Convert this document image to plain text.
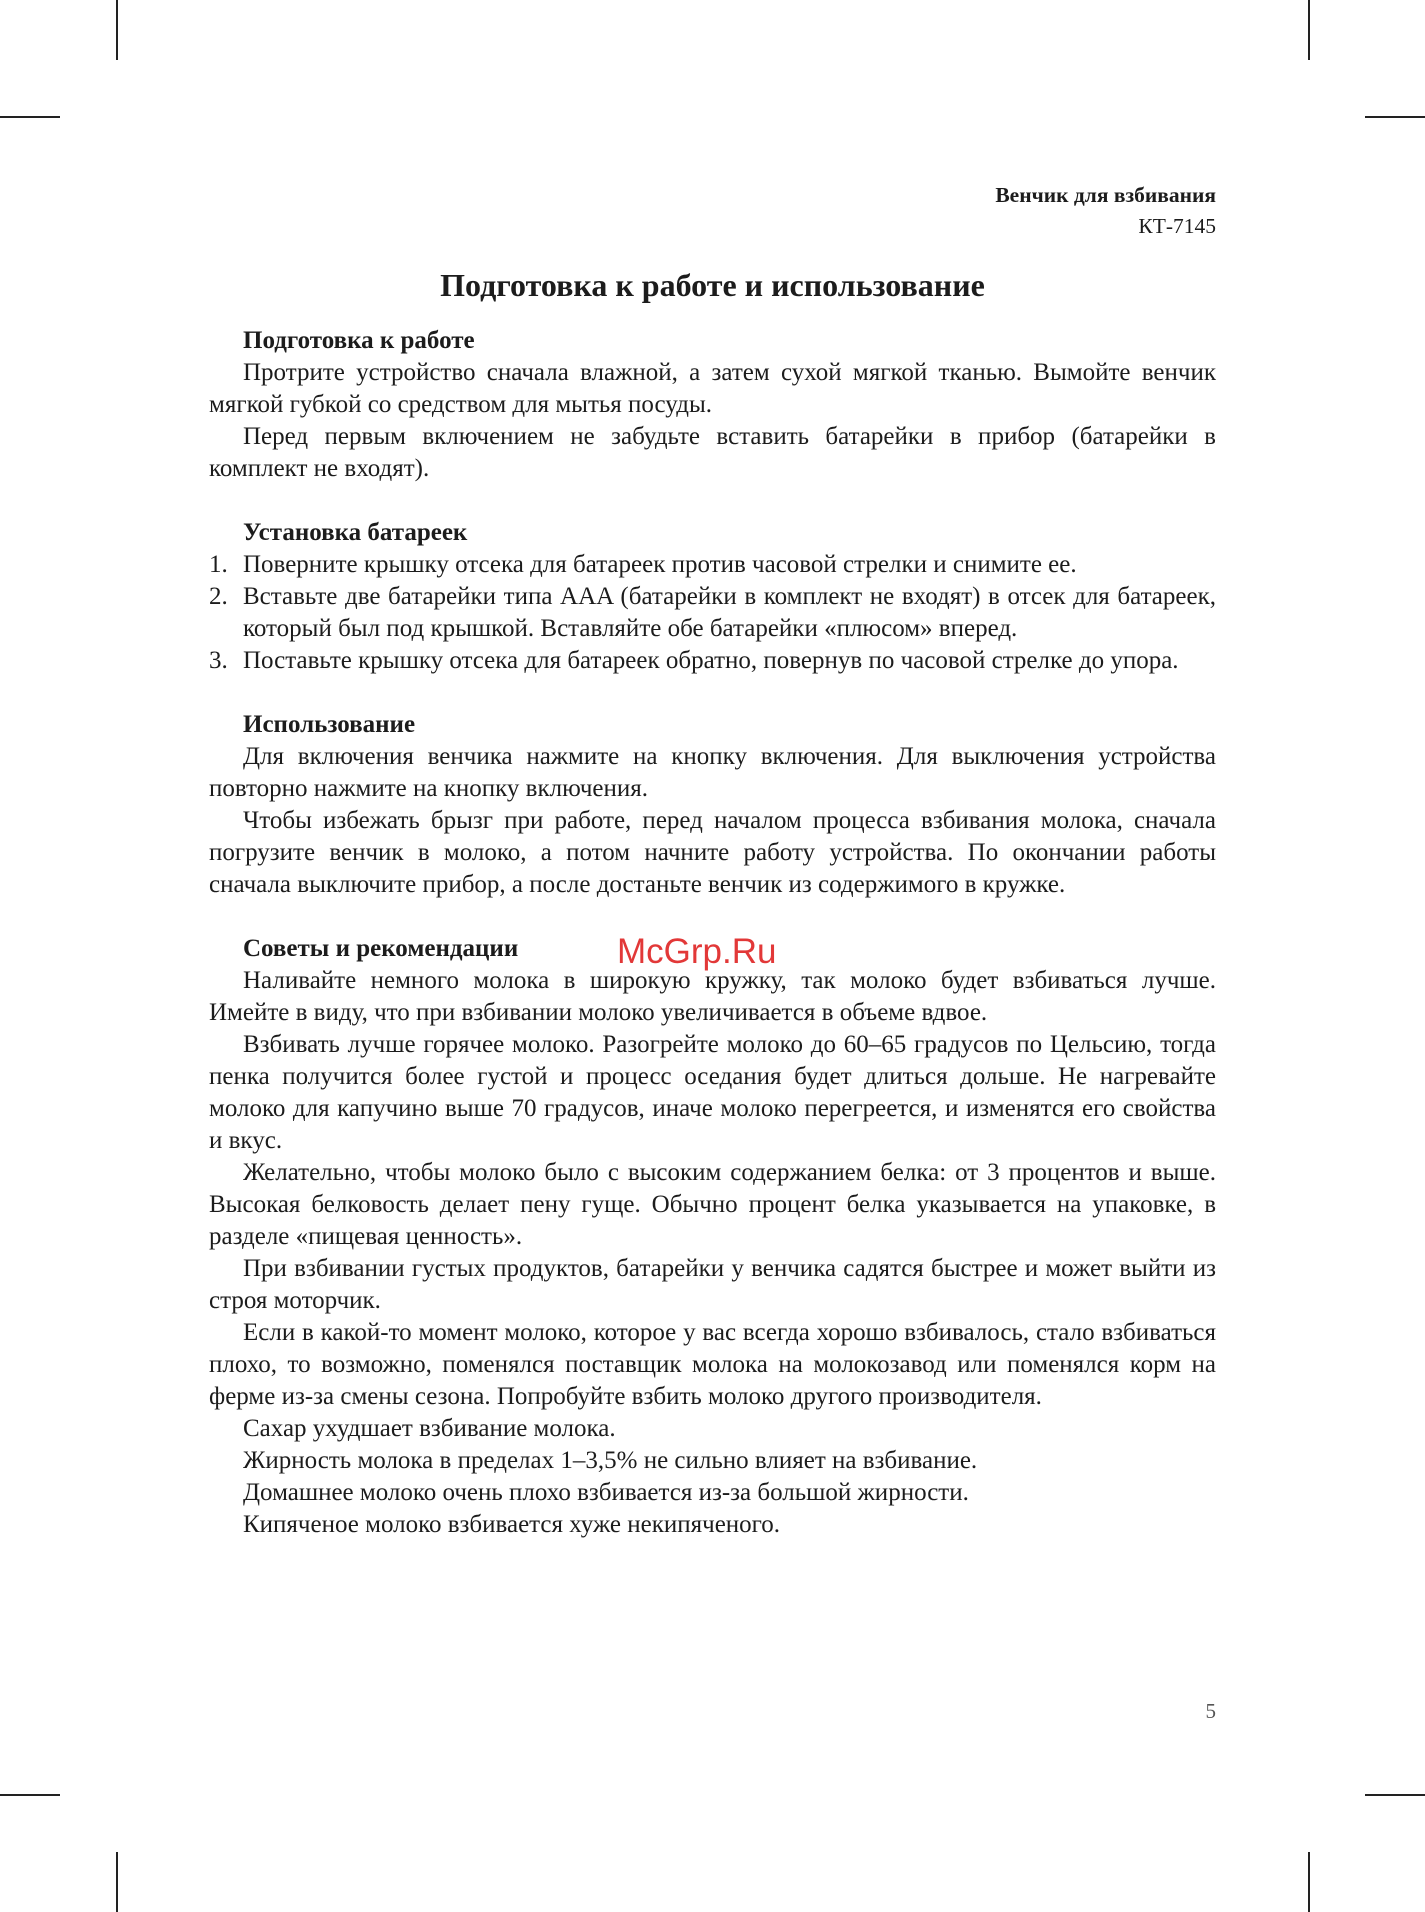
Венчик для взбивания
КТ-7145
Подготовка к работе и использование
Подготовка к работе

Протрите устройство сначала влажной, а затем сухой мягкой тканью. Вымойте венчик мягкой губкой со средством для мытья посуды.

Перед первым включением не забудьте вставить батарейки в прибор (батарейки в комплект не входят).

Установка батареек
1. Поверните крышку отсека для батареек против часовой стрелки и снимите ее.
2. Вставьте две батарейки типа AAA (батарейки в комплект не входят) в отсек для батареек, который был под крышкой. Вставляйте обе батарейки «плюсом» вперед.
3. Поставьте крышку отсека для батареек обратно, повернув по часовой стрелке до упора.
Использование

Для включения венчика нажмите на кнопку включения. Для выключения устройства повторно нажмите на кнопку включения.

Чтобы избежать брызг при работе, перед началом процесса взбивания молока, сначала погрузите венчик в молоко, а потом начните работу устройства. По окончании работы сначала выключите прибор, а после достаньте венчик из содержимого в кружке.

Советы и рекомендации

Наливайте немного молока в широкую кружку, так молоко будет взбиваться лучше. Имейте в виду, что при взбивании молоко увеличивается в объеме вдвое.

Взбивать лучше горячее молоко. Разогрейте молоко до 60–65 градусов по Цельсию, тогда пенка получится более густой и процесс оседания будет длиться дольше. Не нагревайте молоко для капучино выше 70 градусов, иначе молоко перегреется, и изменятся его свойства и вкус.

Желательно, чтобы молоко было с высоким содержанием белка: от 3 процентов и выше. Высокая белковость делает пену гуще. Обычно процент белка указывается на упаковке, в разделе «пищевая ценность».

При взбивании густых продуктов, батарейки у венчика садятся быстрее и может выйти из строя моторчик.

Если в какой-то момент молоко, которое у вас всегда хорошо взбивалось, стало взбиваться плохо, то возможно, поменялся поставщик молока на молокозавод или поменялся корм на ферме из-за смены сезона. Попробуйте взбить молоко другого производителя.

Сахар ухудшает взбивание молока.

Жирность молока в пределах 1–3,5% не сильно влияет на взбивание.

Домашнее молоко очень плохо взбивается из-за большой жирности.

Кипяченое молоко взбивается хуже некипяченого.

McGrp.Ru
5
